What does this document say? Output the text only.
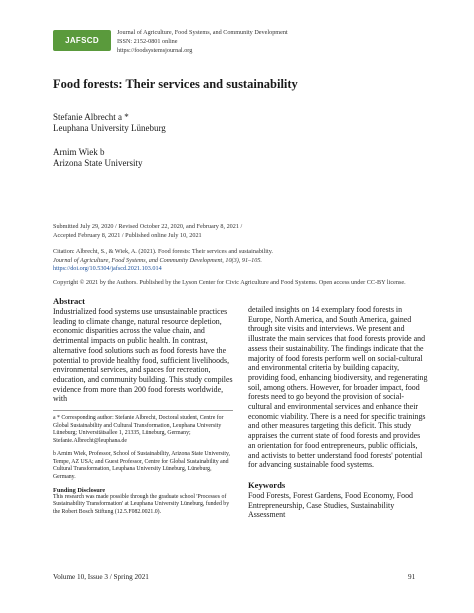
JAFSCD
Journal of Agriculture, Food Systems, and Community Development
ISSN: 2152-0801 online
https://foodsystemsjournal.org
Food forests: Their services and sustainability
Stefanie Albrecht a *
Leuphana University Lüneburg
Arnim Wiek b
Arizona State University
Submitted July 29, 2020 / Revised October 22, 2020, and February 8, 2021 /
Accepted February 8, 2021 / Published online July 10, 2021
Citation: Albrecht, S., & Wiek, A. (2021). Food forests: Their services and sustainability.
Journal of Agriculture, Food Systems, and Community Development, 10(3), 91–105.
https://doi.org/10.5304/jafscd.2021.103.014
Copyright © 2021 by the Authors. Published by the Lyson Center for Civic Agriculture and Food Systems. Open access under CC-BY license.
Abstract

Industrialized food systems use unsustainable practices leading to climate change, natural resource depletion, economic disparities across the value chain, and detrimental impacts on public health. In contrast, alternative food solutions such as food forests have the potential to provide healthy food, sufficient livelihoods, environmental services, and spaces for recreation, education, and community building. This study compiles evidence from more than 200 food forests worldwide, with

a * Corresponding author: Stefanie Albrecht, Doctoral student, Centre for Global Sustainability and Cultural Transformation, Leuphana University Lüneburg; Universitätsallee 1, 21335, Lüneburg, Germany; Stefanie.Albrecht@leuphana.de

b Arnim Wiek, Professor, School of Sustainability, Arizona State University, Tempe, AZ USA; and Guest Professor, Centre for Global Sustainability and Cultural Transformation, Leuphana University Lüneburg, Lüneburg, Germany.

Funding Disclosure

This research was made possible through the graduate school 'Processes of Sustainability Transformation' at Leuphana University Lüneburg, funded by the Robert Bosch Stiftung (12.5.F082.0021.0).

detailed insights on 14 exemplary food forests in Europe, North America, and South America, gained through site visits and interviews. We present and illustrate the main services that food forests provide and assess their sustainability. The findings indicate that the majority of food forests perform well on social-cultural and environmental criteria by building capacity, providing food, enhancing biodiversity, and regenerating soil, among others. However, for broader impact, food forests need to go beyond the provision of social-cultural and environmental services and enhance their economic viability. There is a need for specific trainings and other measures targeting this deficit. This study appraises the current state of food forests and provides an orientation for food entrepreneurs, public officials, and activists to better understand food forests' potential for advancing sustainable food systems.

Keywords

Food Forests, Forest Gardens, Food Economy, Food Entrepreneurship, Case Studies, Sustainability Assessment

Volume 10, Issue 3 / Spring 2021	91
